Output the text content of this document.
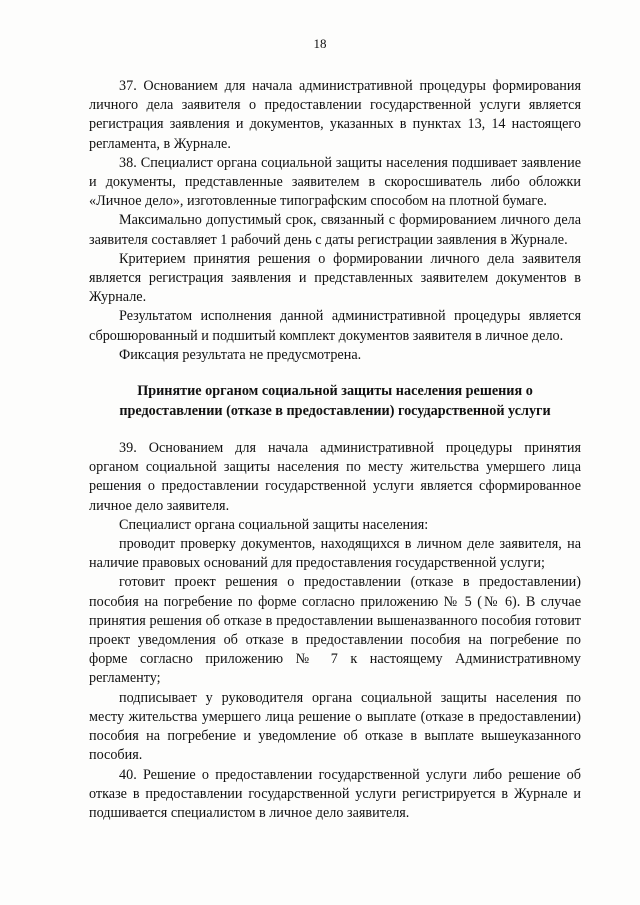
18

37. Основанием для начала административной процедуры формирования личного дела заявителя о предоставлении государственной услуги является регистрация заявления и документов, указанных в пунктах 13, 14 настоящего регламента, в Журнале.

38. Специалист органа социальной защиты населения подшивает заявление и документы, представленные заявителем в скоросшиватель либо обложки «Личное дело», изготовленные типографским способом на плотной бумаге.

Максимально допустимый срок, связанный с формированием личного дела заявителя составляет 1 рабочий день с даты регистрации заявления в Журнале.

Критерием принятия решения о формировании личного дела заявителя является регистрация заявления и представленных заявителем документов в Журнале.

Результатом исполнения данной административной процедуры является сброшюрованный и подшитый комплект документов заявителя в личное дело.

Фиксация результата не предусмотрена.

Принятие органом социальной защиты населения решения о
предоставлении (отказе в предоставлении) государственной услуги

39. Основанием для начала административной процедуры принятия органом социальной защиты населения по месту жительства умершего лица решения о предоставлении государственной услуги является сформированное личное дело заявителя.

Специалист органа социальной защиты населения:

проводит проверку документов, находящихся в личном деле заявителя, на наличие правовых оснований для предоставления государственной услуги;

готовит проект решения о предоставлении (отказе в предоставлении) пособия на погребение по форме согласно приложению № 5 (№ 6). В случае принятия решения об отказе в предоставлении вышеназванного пособия готовит проект уведомления об отказе в предоставлении пособия на погребение по форме согласно приложению № 7 к настоящему Административному регламенту;

подписывает у руководителя органа социальной защиты населения по месту жительства умершего лица решение о выплате (отказе в предоставлении) пособия на погребение и уведомление об отказе в выплате вышеуказанного пособия.

40. Решение о предоставлении государственной услуги либо решение об отказе в предоставлении государственной услуги регистрируется в Журнале и подшивается специалистом в личное дело заявителя.
